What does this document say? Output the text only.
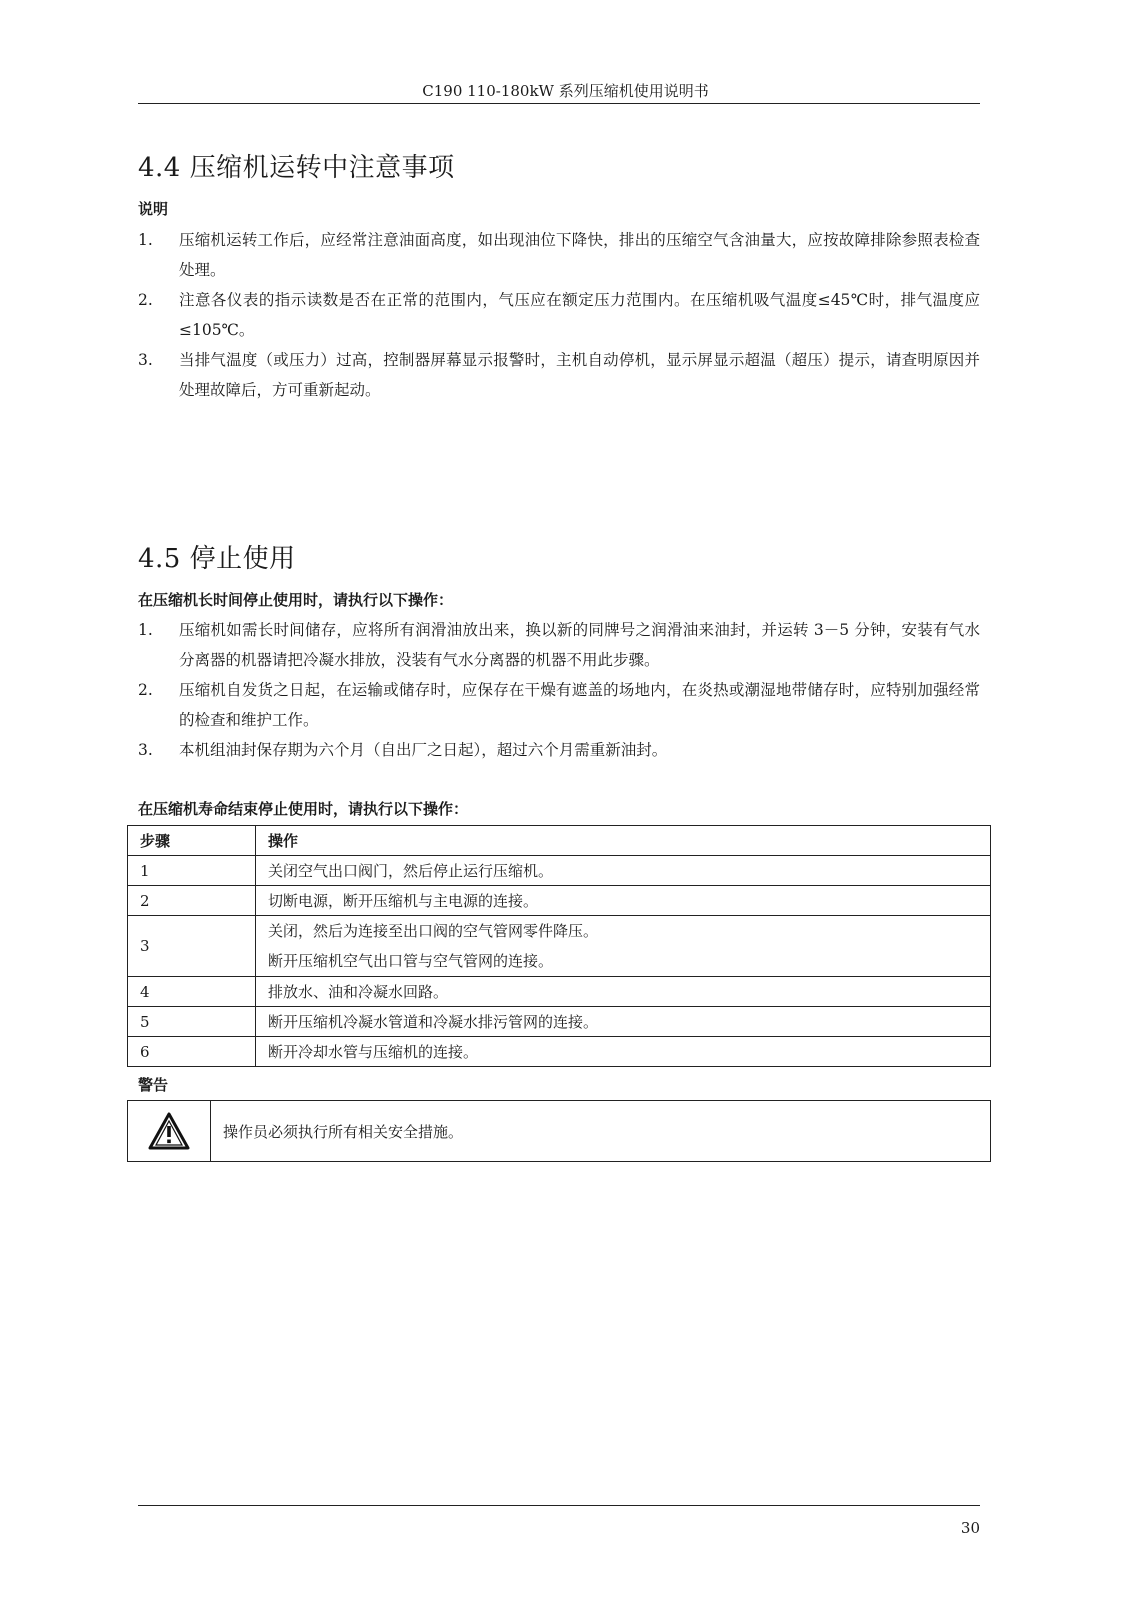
C190 110-180kW 系列压缩机使用说明书
4.4 压缩机运转中注意事项
说明
1. 压缩机运转工作后，应经常注意油面高度，如出现油位下降快，排出的压缩空气含油量大，应按故障排除参照表检查处理。
2. 注意各仪表的指示读数是否在正常的范围内，气压应在额定压力范围内。在压缩机吸气温度≤45℃时，排气温度应≤105℃。
3. 当排气温度（或压力）过高，控制器屏幕显示报警时，主机自动停机，显示屏显示超温（超压）提示，请查明原因并处理故障后，方可重新起动。
4.5 停止使用
在压缩机长时间停止使用时，请执行以下操作：
1. 压缩机如需长时间储存，应将所有润滑油放出来，换以新的同牌号之润滑油来油封，并运转 3－5 分钟，安装有气水分离器的机器请把冷凝水排放，没装有气水分离器的机器不用此步骤。
2. 压缩机自发货之日起，在运输或储存时，应保存在干燥有遮盖的场地内，在炎热或潮湿地带储存时，应特别加强经常的检查和维护工作。
3. 本机组油封保存期为六个月（自出厂之日起），超过六个月需重新油封。
在压缩机寿命结束停止使用时，请执行以下操作：
步骤	操作
1	关闭空气出口阀门，然后停止运行压缩机。
2	切断电源，断开压缩机与主电源的连接。
3	关闭，然后为连接至出口阀的空气管网零件降压。
断开压缩机空气出口管与空气管网的连接。

4	排放水、油和冷凝水回路。
5	断开压缩机冷凝水管道和冷凝水排污管网的连接。
6	断开冷却水管与压缩机的连接。
警告
操作员必须执行所有相关安全措施。
30
